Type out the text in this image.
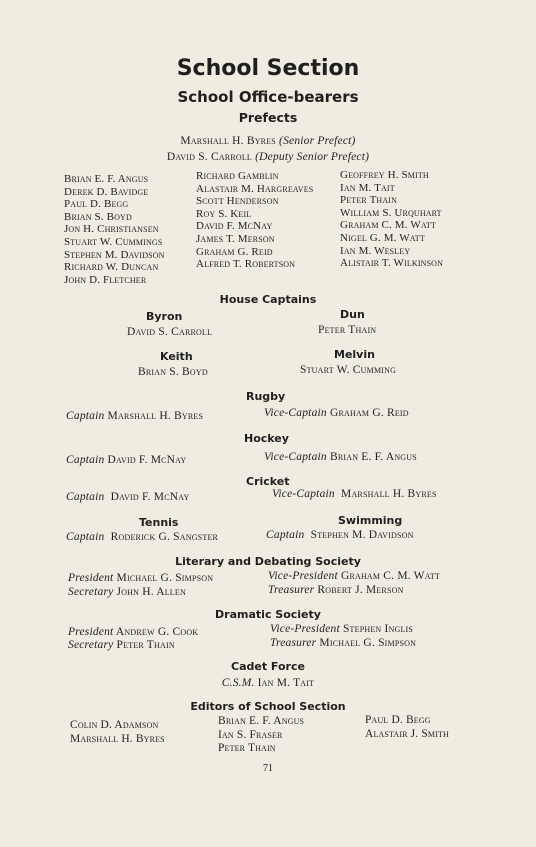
School Section
School Office-bearers
Prefects
Marshall H. Byres (Senior Prefect)
David S. Carroll (Deputy Senior Prefect)
Brian E. F. Angus
Derek D. Bavidge
Paul D. Begg
Brian S. Boyd
Jon H. Christiansen
Stuart W. Cummings
Stephen M. Davidson
Richard W. Duncan
John D. Fletcher
Richard Gamblin
Alastair M. Hargreaves
Scott Henderson
Roy S. Keil
David F. McNay
James T. Merson
Graham G. Reid
Alfred T. Robertson
Geoffrey H. Smith
Ian M. Tait
Peter Thain
William S. Urquhart
Graham C. M. Watt
Nigel G. M. Watt
Ian M. Wesley
Alistair T. Wilkinson
House Captains
Byron
David S. Carroll
Dun
Peter Thain
Keith
Brian S. Boyd
Melvin
Stuart W. Cumming
Rugby
Captain Marshall H. Byres	Vice-Captain Graham G. Reid
Hockey
Captain David F. McNay	Vice-Captain Brian E. F. Angus
Cricket
Captain David F. McNay	Vice-Captain Marshall H. Byres
Tennis
Captain Roderick G. Sangster
Swimming
Captain Stephen M. Davidson
Literary and Debating Society
President Michael G. Simpson
Secretary John H. Allen
Vice-President Graham C. M. Watt
Treasurer Robert J. Merson
Dramatic Society
President Andrew G. Cook
Secretary Peter Thain
Vice-President Stephen Inglis
Treasurer Michael G. Simpson
Cadet Force
C.S.M. Ian M. Tait
Editors of School Section
Colin D. Adamson
Marshall H. Byres
Brian E. F. Angus
Ian S. Fraser
Peter Thain
Paul D. Begg
Alastair J. Smith
71
